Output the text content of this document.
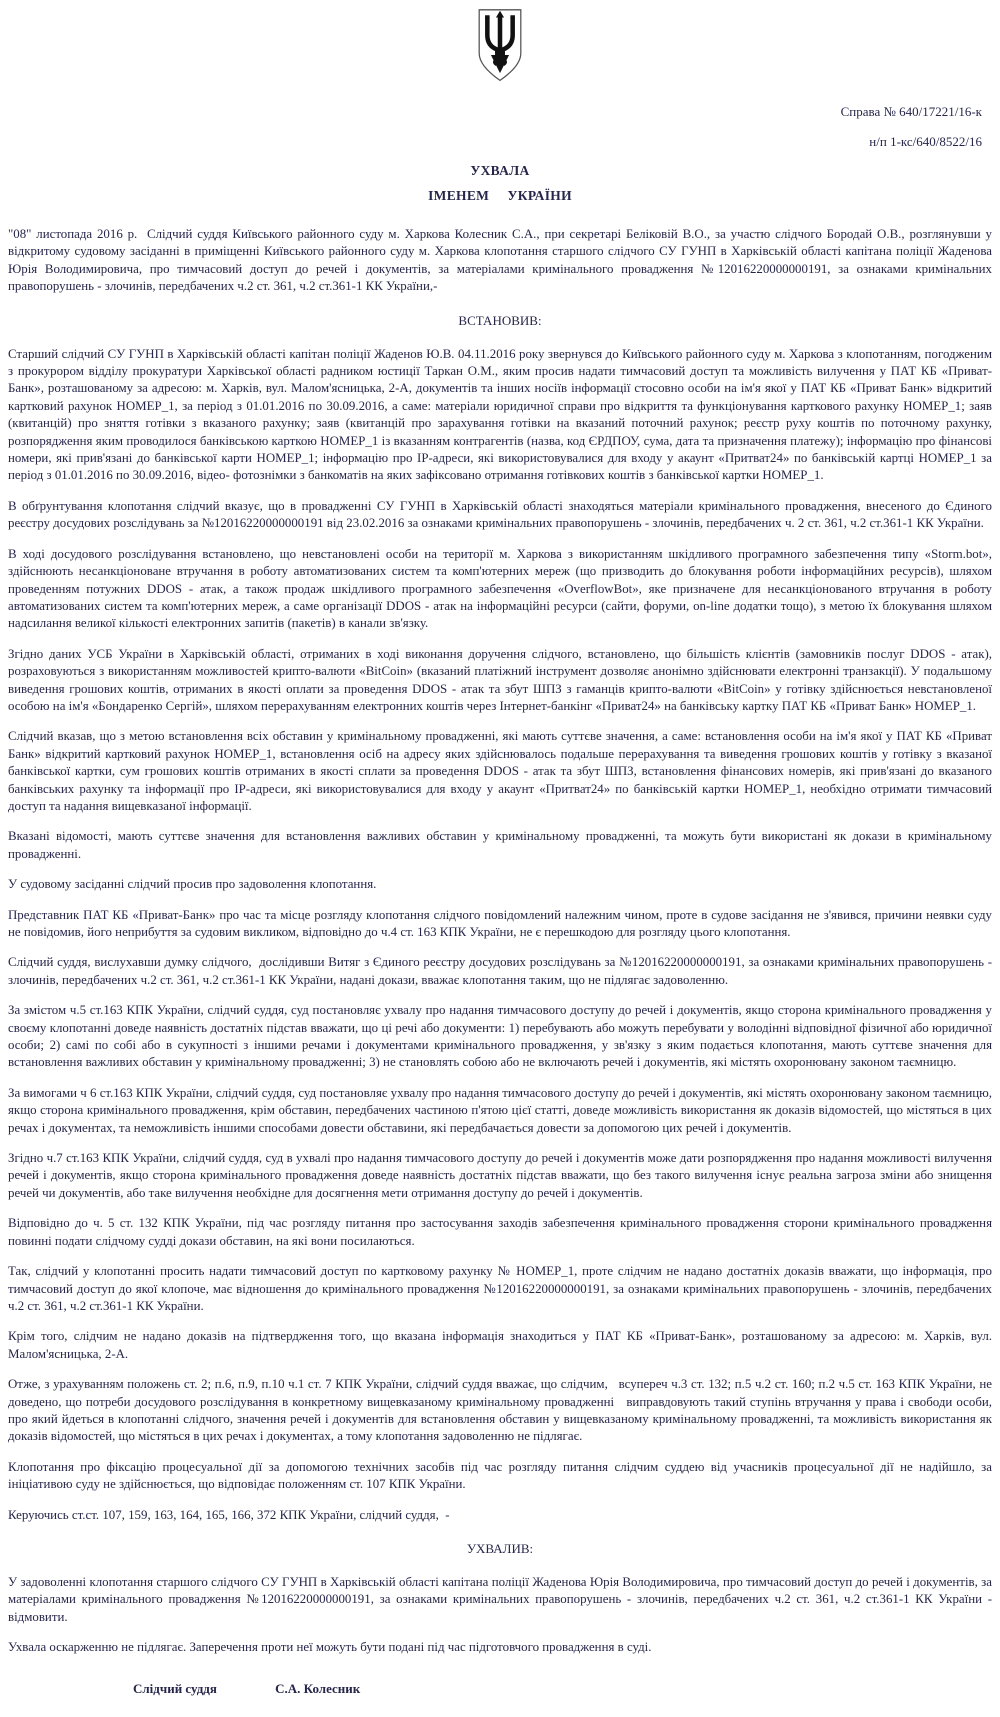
Справа № 640/17221/16-к
н/п 1-кс/640/8522/16
УХВАЛА
ІМЕНЕМ     УКРАЇНИ

"08" листопада 2016 р.  Слідчий суддя Київського районного суду м. Харкова Колесник С.А., при секретарі Беліковій В.О., за участю слідчого Бородай О.В., розглянувши у відкритому судовому засіданні в приміщенні Київського районного суду м. Харкова клопотання старшого слідчого СУ ГУНП в Харківській області капітана поліції Жаденова Юрія Володимировича, про тимчасовий доступ до речей і документів, за матеріалами кримінального провадження №12016220000000191, за ознаками кримінальних правопорушень - злочинів, передбачених ч.2 ст. 361, ч.2 ст.361-1 КК України,-

ВСТАНОВИВ:

Старший слідчий СУ ГУНП в Харківській області капітан поліції Жаденов Ю.В. 04.11.2016 року звернувся до Київського районного суду м. Харкова з клопотанням, погодженим з прокурором відділу прокуратури Харківської області радником юстиції Таркан О.М., яким просив надати тимчасовий доступ та можливість вилучення у ПАТ КБ «Приват-Банк», розташованому за адресою: м. Харків, вул. Малом'ясницька, 2-А, документів та інших носіїв інформації стосовно особи на ім'я якої у ПАТ КБ «Приват Банк» відкритий картковий рахунок НОМЕР_1, за період з 01.01.2016 по 30.09.2016, а саме: матеріали юридичної справи про відкриття та функціонування карткового рахунку НОМЕР_1; заяв (квитанцій) про зняття готівки з вказаного рахунку; заяв (квитанцій про зарахування готівки на вказаний поточний рахунок; реєстр руху коштів по поточному рахунку, розпорядження яким проводилося банківською карткою НОМЕР_1 із вказанням контрагентів (назва, код ЄРДПОУ, сума, дата та призначення платежу); інформацію про фінансові номери, які прив'язані до банківської карти НОМЕР_1; інформацію про ІР-адреси, які використовувалися для входу у акаунт «Притват24» по банківській картці НОМЕР_1 за період з 01.01.2016 по 30.09.2016, відео- фотознімки з банкоматів на яких зафіксовано отримання готівкових коштів з банківської картки НОМЕР_1.

В обґрунтування клопотання слідчий вказує, що в провадженні СУ ГУНП в Харківській області знаходяться матеріали кримінального провадження, внесеного до Єдиного реєстру досудових розслідувань за №12016220000000191 від 23.02.2016 за ознаками кримінальних правопорушень - злочинів, передбачених ч. 2 ст. 361, ч.2 ст.361-1 КК України.

В ході досудового розслідування встановлено, що невстановлені особи на території м. Харкова з використанням шкідливого програмного забезпечення типу «Storm.bot», здійснюють несанкціоноване втручання в роботу автоматизованих систем та комп'ютерних мереж (що призводить до блокування роботи інформаційних ресурсів), шляхом проведенням потужних DDOS - атак, а також продаж шкідливого програмного забезпечення «OverflowBot», яке призначене для несанкціонованого втручання в роботу автоматизованих систем та комп'ютерних мереж, а саме організації DDOS - атак на інформаційні ресурси (сайти, форуми, on-line додатки тощо), з метою їх блокування шляхом надсилання великої кількості електронних запитів (пакетів) в канали зв'язку.

Згідно даних УСБ України в Харківській області, отриманих в ході виконання доручення слідчого, встановлено, що більшість клієнтів (замовників послуг DDOS - атак), розраховуються з використанням можливостей крипто-валюти «BitCoin» (вказаний платіжний інструмент дозволяє анонімно здійснювати електронні транзакції). У подальшому виведення грошових коштів, отриманих в якості оплати за проведення DDOS - атак та збут ШПЗ з гаманців крипто-валюти «BitCoin» у готівку здійснюється невстановленої особою на ім'я «Бондаренко Сергій», шляхом перерахуванням електронних коштів через Інтернет-банкінг «Приват24» на банківську картку ПАТ КБ «Приват Банк» НОМЕР_1.

Слідчий вказав, що з метою встановлення всіх обставин у кримінальному провадженні, які мають суттєве значення, а саме: встановлення особи на ім'я якої у ПАТ КБ «Приват Банк» відкритий картковий рахунок НОМЕР_1, встановлення осіб на адресу яких здійснювалось подальше перерахування та виведення грошових коштів у готівку з вказаної банківської картки, сум грошових коштів отриманих в якості сплати за проведення DDOS - атак та збут ШПЗ, встановлення фінансових номерів, які прив'язані до вказаного банківських рахунку та інформації про ІР-адреси, які використовувалися для входу у акаунт «Притват24» по банківській картки НОМЕР_1, необхідно отримати тимчасовий доступ та надання вищевказаної інформації.

Вказані відомості, мають суттєве значення для встановлення важливих обставин у кримінальному провадженні, та можуть бути використані як докази в кримінальному провадженні.

У судовому засіданні слідчий просив про задоволення клопотання.

Представник ПАТ КБ «Приват-Банк» про час та місце розгляду клопотання слідчого повідомлений належним чином, проте в судове засідання не з'явився, причини неявки суду не повідомив, його неприбуття за судовим викликом, відповідно до ч.4 ст. 163 КПК України, не є перешкодою для розгляду цього клопотання.

Слідчий суддя, вислухавши думку слідчого,  дослідивши Витяг з Єдиного реєстру досудових розслідувань за №12016220000000191, за ознаками кримінальних правопорушень - злочинів, передбачених ч.2 ст. 361, ч.2 ст.361-1 КК України, надані докази, вважає клопотання таким, що не підлягає задоволенню.

За змістом ч.5 ст.163 КПК України, слідчий суддя, суд постановляє ухвалу про надання тимчасового доступу до речей і документів, якщо сторона кримінального провадження у своєму клопотанні доведе наявність достатніх підстав вважати, що ці речі або документи: 1) перебувають або можуть перебувати у володінні відповідної фізичної або юридичної особи; 2) самі по собі або в сукупності з іншими речами і документами кримінального провадження, у зв'язку з яким подається клопотання, мають суттєве значення для встановлення важливих обставин у кримінальному провадженні; 3) не становлять собою або не включають речей і документів, які містять охоронювану законом таємницю.

За вимогами ч 6 ст.163 КПК України, слідчий суддя, суд постановляє ухвалу про надання тимчасового доступу до речей і документів, які містять охоронювану законом таємницю, якщо сторона кримінального провадження, крім обставин, передбачених частиною п'ятою цієї статті, доведе можливість використання як доказів відомостей, що містяться в цих речах і документах, та неможливість іншими способами довести обставини, які передбачається довести за допомогою цих речей і документів.

Згідно ч.7 ст.163 КПК України, слідчий суддя, суд в ухвалі про надання тимчасового доступу до речей і документів може дати розпорядження про надання можливості вилучення речей і документів, якщо сторона кримінального провадження доведе наявність достатніх підстав вважати, що без такого вилучення існує реальна загроза зміни або знищення речей чи документів, або таке вилучення необхідне для досягнення мети отримання доступу до речей і документів.

Відповідно до ч. 5 ст. 132 КПК України, під час розгляду питання про застосування заходів забезпечення кримінального провадження сторони кримінального провадження повинні подати слідчому судді докази обставин, на які вони посилаються.

Так, слідчий у клопотанні просить надати тимчасовий доступ по картковому рахунку № НОМЕР_1, проте слідчим не надано достатніх доказів вважати, що інформація, про тимчасовий доступ до якої клопоче, має відношення до кримінального провадження №12016220000000191, за ознаками кримінальних правопорушень - злочинів, передбачених ч.2 ст. 361, ч.2 ст.361-1 КК України.

Крім того, слідчим не надано доказів на підтвердження того, що вказана інформація знаходиться у ПАТ КБ «Приват-Банк», розташованому за адресою: м. Харків, вул. Малом'ясницька, 2-А.

Отже, з урахуванням положень ст. 2; п.6, п.9, п.10 ч.1 ст. 7 КПК України, слідчий суддя вважає, що слідчим,   всупереч ч.3 ст. 132; п.5 ч.2 ст. 160; п.2 ч.5 ст. 163 КПК України, не доведено, що потреби досудового розслідування в конкретному вищевказаному кримінальному провадженні   виправдовують такий ступінь втручання у права і свободи особи, про який йдеться в клопотанні слідчого, значення речей і документів для встановлення обставин у вищевказаному кримінальному провадженні, та можливість використання як доказів відомостей, що містяться в цих речах і документах, а тому клопотання задоволенню не підлягає.

Клопотання про фіксацію процесуальної дії за допомогою технічних засобів під час розгляду питання слідчим суддею від учасників процесуальної дії не надійшло, за ініціативою суду не здійснюється, що відповідає положенням ст. 107 КПК України.

Керуючись ст.ст. 107, 159, 163, 164, 165, 166, 372 КПК України, слідчий суддя,  -

УХВАЛИВ:

У задоволенні клопотання старшого слідчого СУ ГУНП в Харківській області капітана поліції Жаденова Юрія Володимировича, про тимчасовий доступ до речей і документів, за матеріалами кримінального провадження №12016220000000191, за ознаками кримінальних правопорушень - злочинів, передбачених ч.2 ст. 361, ч.2 ст.361-1 КК України - відмовити.

Ухвала оскарженню не підлягає. Заперечення проти неї можуть бути подані під час підготовчого провадження в суді.

Слідчий суддя	С.А. Колесник
